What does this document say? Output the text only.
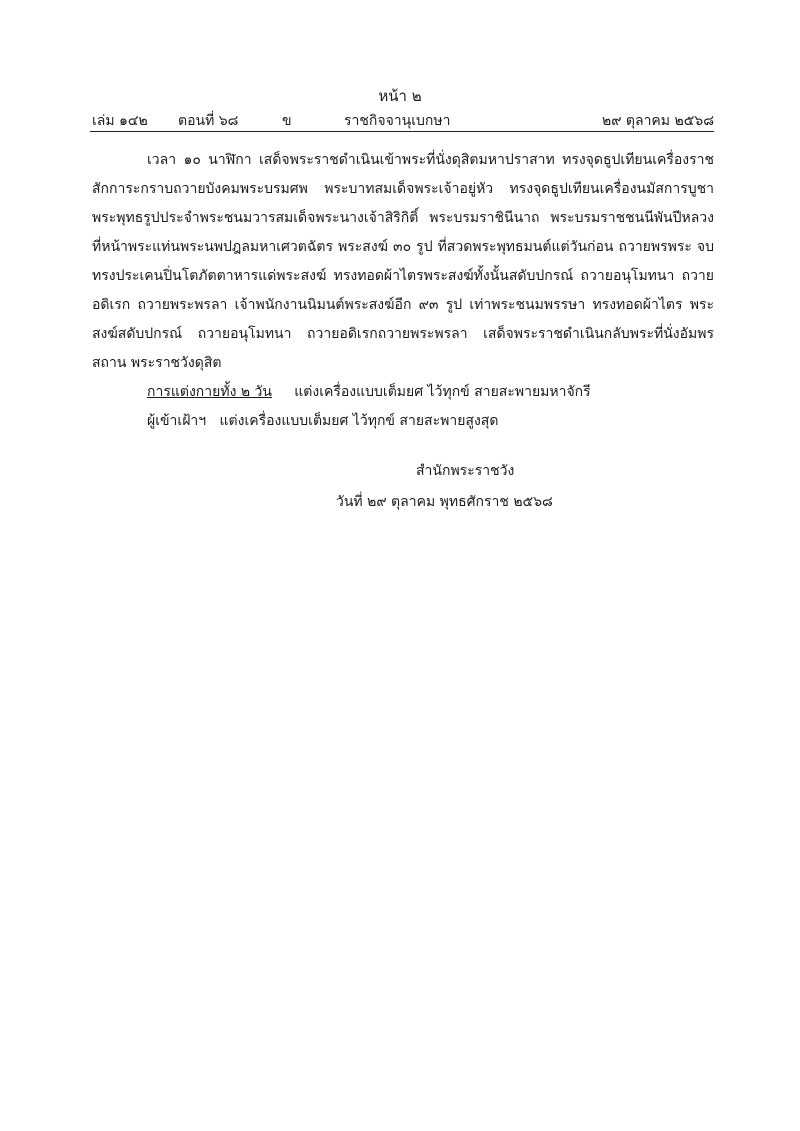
หน้า ๒
เล่ม ๑๔๒ ตอนที่ ๖๘	ข	ราชกิจจานุเบกษา	๒๙ ตุลาคม ๒๕๖๘

เวลา ๑๐ นาฬิกา เสด็จพระราชดำเนินเข้าพระที่นั่งดุสิตมหาปราสาท ทรงจุดธูปเทียนเครื่องราชสักการะกราบถวายบังคมพระบรมศพ พระบาทสมเด็จพระเจ้าอยู่หัว ทรงจุดธูปเทียนเครื่องนมัสการบูชาพระพุทธรูปประจำพระชนมวารสมเด็จพระนางเจ้าสิริกิติ์ พระบรมราชินีนาถ พระบรมราชชนนีพันปีหลวง ที่หน้าพระแท่นพระนพปฎลมหาเศวตฉัตร พระสงฆ์ ๓๐ รูป ที่สวดพระพุทธมนต์แต่วันก่อน ถวายพรพระ จบ ทรงประเคนปิ่นโตภัตตาหารแด่พระสงฆ์ ทรงทอดผ้าไตรพระสงฆ์ทั้งนั้นสดับปกรณ์ ถวายอนุโมทนา ถวายอดิเรก ถวายพระพรลา เจ้าพนักงานนิมนต์พระสงฆ์อีก ๙๓ รูป เท่าพระชนมพรรษา ทรงทอดผ้าไตร พระสงฆ์สดับปกรณ์ ถวายอนุโมทนา ถวายอดิเรกถวายพระพรลา เสด็จพระราชดำเนินกลับพระที่นั่งอัมพรสถาน พระราชวังดุสิต

การแต่งกายทั้ง ๒ วัน แต่งเครื่องแบบเต็มยศ ไว้ทุกข์ สายสะพายมหาจักรี

ผู้เข้าเฝ้าฯ แต่งเครื่องแบบเต็มยศ ไว้ทุกข์ สายสะพายสูงสุด

สำนักพระราชวัง
วันที่ ๒๙ ตุลาคม พุทธศักราช ๒๕๖๘
